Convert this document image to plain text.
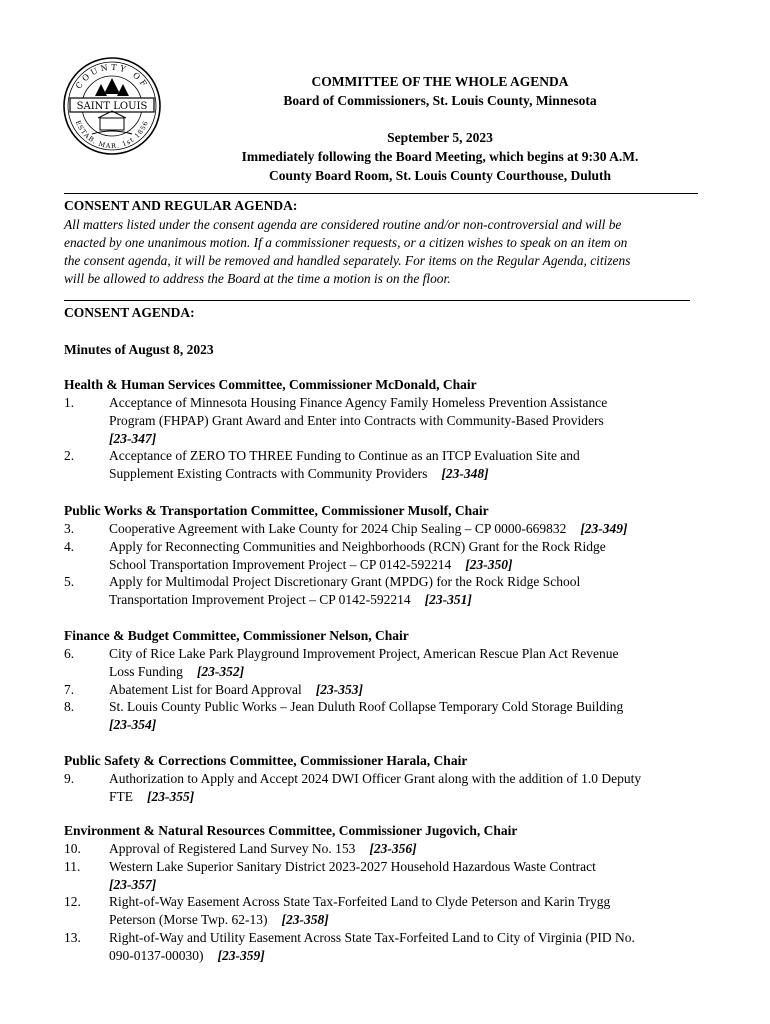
COUNTY OF
ESTAB. MAR. 1st 1856
SAINT LOUIS
COMMITTEE OF THE WHOLE AGENDA
Board of Commissioners, St. Louis County, Minnesota
September 5, 2023
Immediately following the Board Meeting, which begins at 9:30 A.M.
County Board Room, St. Louis County Courthouse, Duluth
CONSENT AND REGULAR AGENDA:

All matters listed under the consent agenda are considered routine and/or non-controversial and will be

enacted by one unanimous motion. If a commissioner requests, or a citizen wishes to speak on an item on

the consent agenda, it will be removed and handled separately. For items on the Regular Agenda, citizens

will be allowed to address the Board at the time a motion is on the floor.

CONSENT AGENDA:
Minutes of August 8, 2023
Health & Human Services Committee, Commissioner McDonald, Chair
1.	Acceptance of Minnesota Housing Finance Agency Family Homeless Prevention Assistance
Program (FHPAP) Grant Award and Enter into Contracts with Community-Based Providers
[23-347]
2.	Acceptance of ZERO TO THREE Funding to Continue as an ITCP Evaluation Site and
Supplement Existing Contracts with Community Providers [23-348]
Public Works & Transportation Committee, Commissioner Musolf, Chair
3.	Cooperative Agreement with Lake County for 2024 Chip Sealing – CP 0000-669832 [23-349]
4.	Apply for Reconnecting Communities and Neighborhoods (RCN) Grant for the Rock Ridge
School Transportation Improvement Project – CP 0142-592214 [23-350]
5.	Apply for Multimodal Project Discretionary Grant (MPDG) for the Rock Ridge School
Transportation Improvement Project – CP 0142-592214 [23-351]
Finance & Budget Committee, Commissioner Nelson, Chair
6.	City of Rice Lake Park Playground Improvement Project, American Rescue Plan Act Revenue
Loss Funding [23-352]
7.	Abatement List for Board Approval [23-353]
8.	St. Louis County Public Works – Jean Duluth Roof Collapse Temporary Cold Storage Building
[23-354]
Public Safety & Corrections Committee, Commissioner Harala, Chair
9.	Authorization to Apply and Accept 2024 DWI Officer Grant along with the addition of 1.0 Deputy
FTE [23-355]
Environment & Natural Resources Committee, Commissioner Jugovich, Chair
10.	Approval of Registered Land Survey No. 153 [23-356]
11.	Western Lake Superior Sanitary District 2023-2027 Household Hazardous Waste Contract
[23-357]
12.	Right-of-Way Easement Across State Tax-Forfeited Land to Clyde Peterson and Karin Trygg
Peterson (Morse Twp. 62-13) [23-358]
13.	Right-of-Way and Utility Easement Across State Tax-Forfeited Land to City of Virginia (PID No.
090-0137-00030) [23-359]
